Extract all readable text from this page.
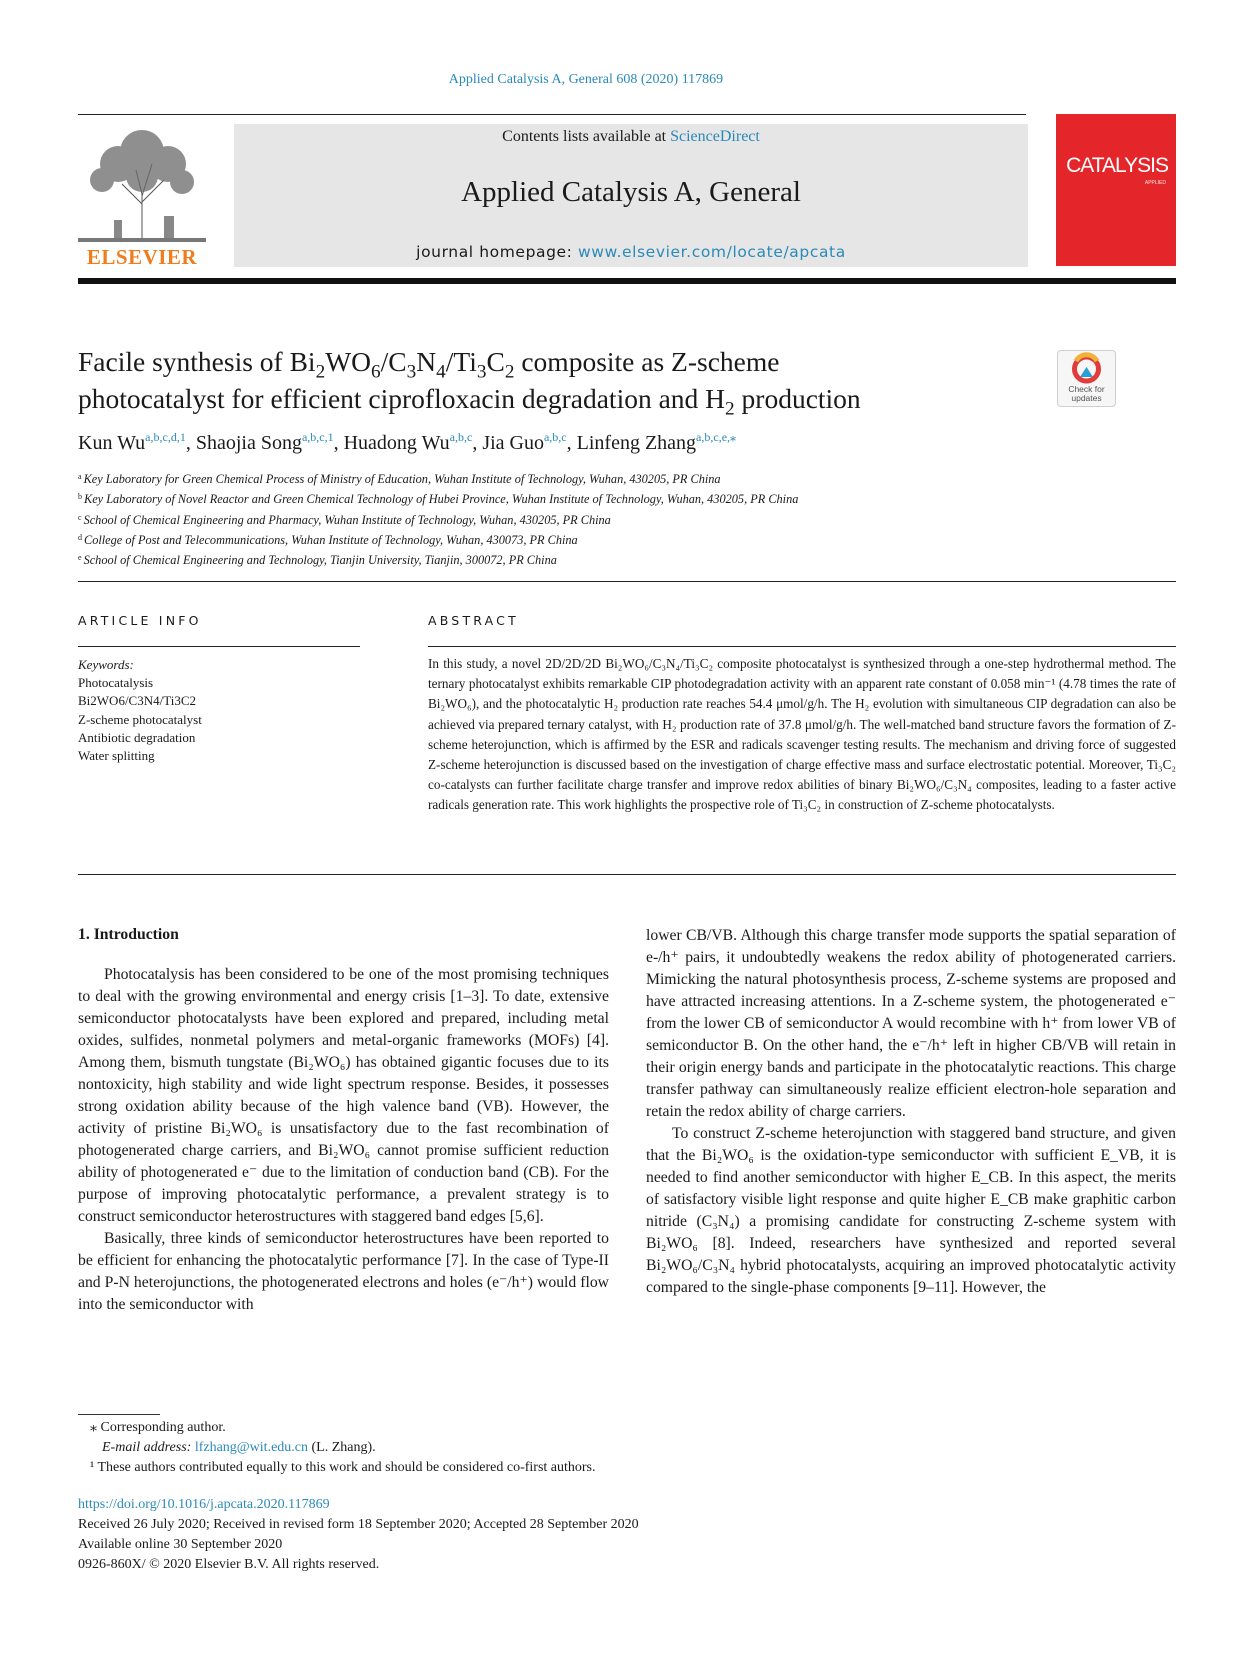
Applied Catalysis A, General 608 (2020) 117869
ELSEVIER
Contents lists available at ScienceDirect
Applied Catalysis A, General
journal homepage: www.elsevier.com/locate/apcata
APPLIED
CATALYSIS
Facile synthesis of $Bi_2WO_6/C_3N_4/Ti_3C_2$ composite as Z-scheme
photocatalyst for efficient ciprofloxacin degradation and $H_2$ production	Check for updates
Kun Wu$^{a,b,c,d,1}$, Shaojia Song$^{a,b,c,1}$, Huadong Wu$^{a,b,c}$, Jia Guo$^{a,b,c}$, Linfeng Zhang$^{a,b,c,e,⁎}$
$^a$ Key Laboratory for Green Chemical Process of Ministry of Education, Wuhan Institute of Technology, Wuhan, 430205, PR China
$^b$ Key Laboratory of Novel Reactor and Green Chemical Technology of Hubei Province, Wuhan Institute of Technology, Wuhan, 430205, PR China
$^c$ School of Chemical Engineering and Pharmacy, Wuhan Institute of Technology, Wuhan, 430205, PR China
$^d$ College of Post and Telecommunications, Wuhan Institute of Technology, Wuhan, 430073, PR China
$^e$ School of Chemical Engineering and Technology, Tianjin University, Tianjin, 300072, PR China
ARTICLE INFO	ABSTRACT
Keywords:
Photocatalysis
Bi2WO6/C3N4/Ti3C2
Z-scheme photocatalyst
Antibiotic degradation
Water splitting
In this study, a novel 2D/2D/2D Bi₂WO₆/C₃N₄/Ti₃C₂ composite photocatalyst is synthesized through a one-step hydrothermal method. The ternary photocatalyst exhibits remarkable CIP photodegradation activity with an apparent rate constant of 0.058 min⁻¹ (4.78 times the rate of Bi₂WO₆), and the photocatalytic H₂ production rate reaches 54.4 μmol/g/h. The H₂ evolution with simultaneous CIP degradation can also be achieved via prepared ternary catalyst, with H₂ production rate of 37.8 μmol/g/h. The well-matched band structure favors the formation of Z-scheme heterojunction, which is affirmed by the ESR and radicals scavenger testing results. The mechanism and driving force of suggested Z-scheme heterojunction is discussed based on the investigation of charge effective mass and surface electrostatic potential. Moreover, Ti₃C₂ co-catalysts can further facilitate charge transfer and improve redox abilities of binary Bi₂WO₆/C₃N₄ composites, leading to a faster active radicals generation rate. This work highlights the prospective role of Ti₃C₂ in construction of Z-scheme photocatalysts.
1. Introduction

Photocatalysis has been considered to be one of the most promising techniques to deal with the growing environmental and energy crisis [1–3]. To date, extensive semiconductor photocatalysts have been explored and prepared, including metal oxides, sulfides, nonmetal polymers and metal-organic frameworks (MOFs) [4]. Among them, bismuth tungstate (Bi₂WO₆) has obtained gigantic focuses due to its nontoxicity, high stability and wide light spectrum response. Besides, it possesses strong oxidation ability because of the high valence band (VB). However, the activity of pristine Bi₂WO₆ is unsatisfactory due to the fast recombination of photogenerated charge carriers, and Bi₂WO₆ cannot promise sufficient reduction ability of photogenerated e⁻ due to the limitation of conduction band (CB). For the purpose of improving photocatalytic performance, a prevalent strategy is to construct semiconductor heterostructures with staggered band edges [5,6].

Basically, three kinds of semiconductor heterostructures have been reported to be efficient for enhancing the photocatalytic performance [7]. In the case of Type-II and P-N heterojunctions, the photogenerated electrons and holes (e⁻/h⁺) would flow into the semiconductor with

lower CB/VB. Although this charge transfer mode supports the spatial separation of e-/h⁺ pairs, it undoubtedly weakens the redox ability of photogenerated carriers. Mimicking the natural photosynthesis process, Z-scheme systems are proposed and have attracted increasing attentions. In a Z-scheme system, the photogenerated e⁻ from the lower CB of semiconductor A would recombine with h⁺ from lower VB of semiconductor B. On the other hand, the e⁻/h⁺ left in higher CB/VB will retain in their origin energy bands and participate in the photocatalytic reactions. This charge transfer pathway can simultaneously realize efficient electron-hole separation and retain the redox ability of charge carriers.

To construct Z-scheme heterojunction with staggered band structure, and given that the Bi₂WO₆ is the oxidation-type semiconductor with sufficient E_VB, it is needed to find another semiconductor with higher E_CB. In this aspect, the merits of satisfactory visible light response and quite higher E_CB make graphitic carbon nitride (C₃N₄) a promising candidate for constructing Z-scheme system with Bi₂WO₆ [8]. Indeed, researchers have synthesized and reported several Bi₂WO₆/C₃N₄ hybrid photocatalysts, acquiring an improved photocatalytic activity compared to the single-phase components [9–11]. However, the

⁎ Corresponding author.
E-mail address: lfzhang@wit.edu.cn (L. Zhang).
¹ These authors contributed equally to this work and should be considered co-first authors.
https://doi.org/10.1016/j.apcata.2020.117869
Received 26 July 2020; Received in revised form 18 September 2020; Accepted 28 September 2020
Available online 30 September 2020
0926-860X/ © 2020 Elsevier B.V. All rights reserved.
